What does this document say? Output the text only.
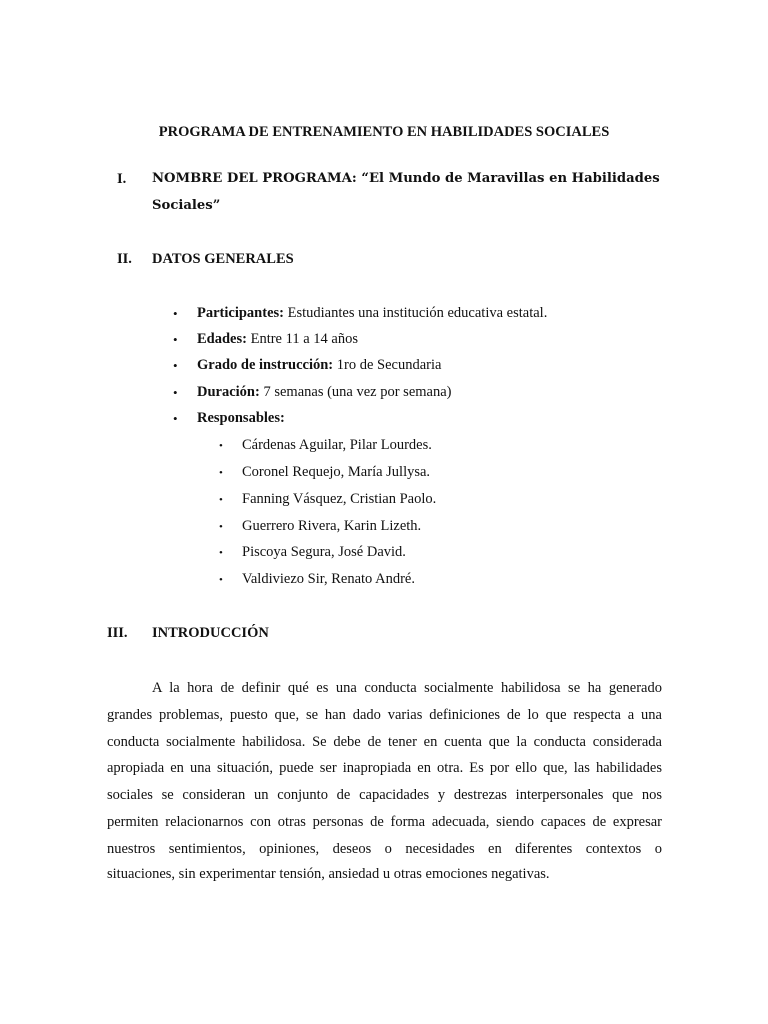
PROGRAMA DE ENTRENAMIENTO EN HABILIDADES SOCIALES
I. NOMBRE DEL PROGRAMA: “El Mundo de Maravillas en Habilidades
Sociales”
II. DATOS GENERALES
• Participantes: Estudiantes una institución educativa estatal.
• Edades: Entre 11 a 14 años
• Grado de instrucción: 1ro de Secundaria
• Duración: 7 semanas (una vez por semana)
• Responsables:
• Cárdenas Aguilar, Pilar Lourdes.
• Coronel Requejo, María Jullysa.
• Fanning Vásquez, Cristian Paolo.
• Guerrero Rivera, Karin Lizeth.
• Piscoya Segura, José David.
• Valdiviezo Sir, Renato André.
III. INTRODUCCIÓN
A la hora de definir qué es una conducta socialmente habilidosa se ha generado
grandes problemas, puesto que, se han dado varias definiciones de lo que respecta a una
conducta socialmente habilidosa. Se debe de tener en cuenta que la conducta considerada
apropiada en una situación, puede ser inapropiada en otra. Es por ello que, las habilidades
sociales se consideran un conjunto de capacidades y destrezas interpersonales que nos
permiten relacionarnos con otras personas de forma adecuada, siendo capaces de expresar
nuestros sentimientos, opiniones, deseos o necesidades en diferentes contextos o
situaciones, sin experimentar tensión, ansiedad u otras emociones negativas.
